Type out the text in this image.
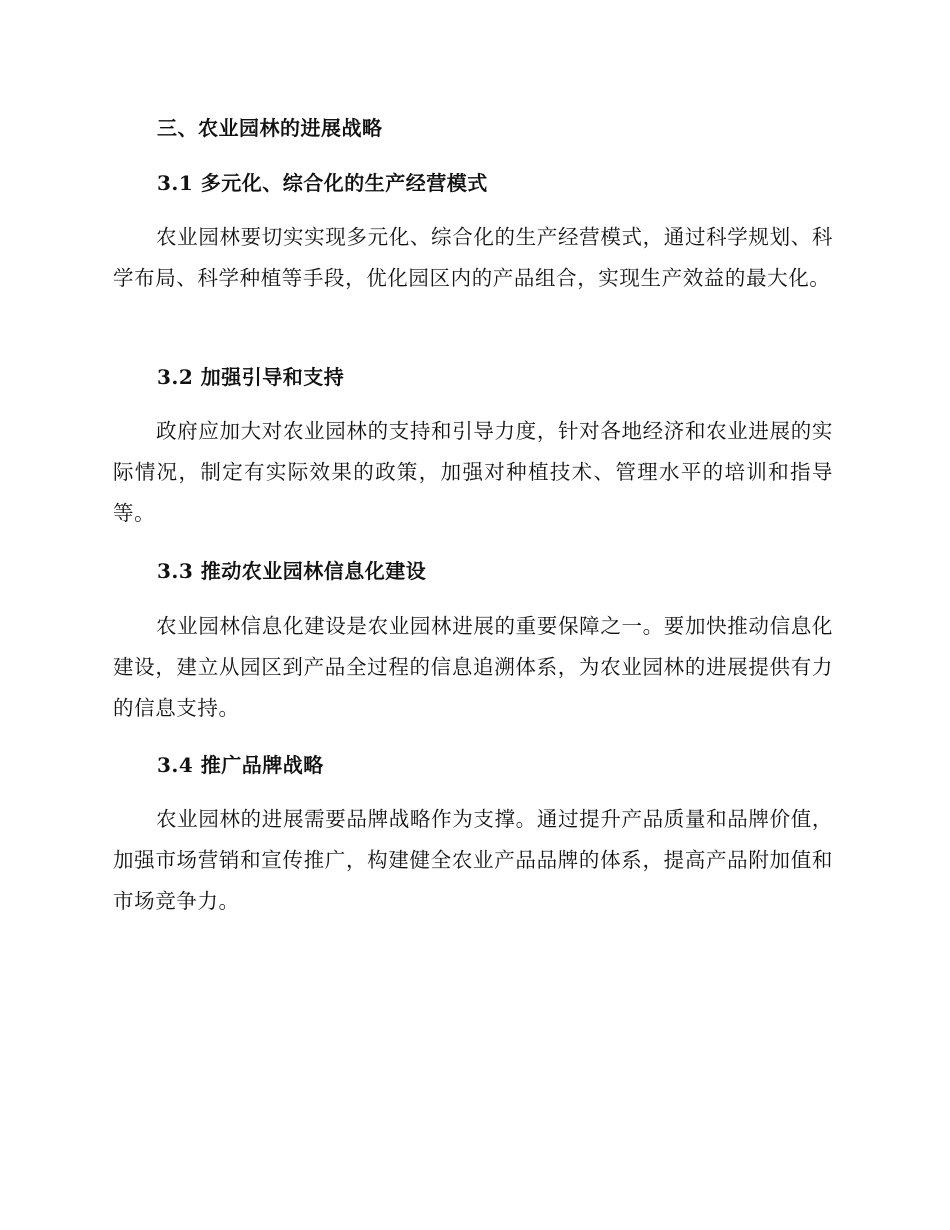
三、农业园林的进展战略
3.1 多元化、综合化的生产经营模式
农业园林要切实实现多元化、综合化的生产经营模式，通过科学规划、科学布局、科学种植等手段，优化园区内的产品组合，实现生产效益的最大化。
3.2 加强引导和支持
政府应加大对农业园林的支持和引导力度，针对各地经济和农业进展的实际情况，制定有实际效果的政策，加强对种植技术、管理水平的培训和指导等。
3.3 推动农业园林信息化建设
农业园林信息化建设是农业园林进展的重要保障之一。要加快推动信息化建设，建立从园区到产品全过程的信息追溯体系，为农业园林的进展提供有力的信息支持。
3.4 推广品牌战略
农业园林的进展需要品牌战略作为支撑。通过提升产品质量和品牌价值，加强市场营销和宣传推广，构建健全农业产品品牌的体系，提高产品附加值和市场竞争力。
